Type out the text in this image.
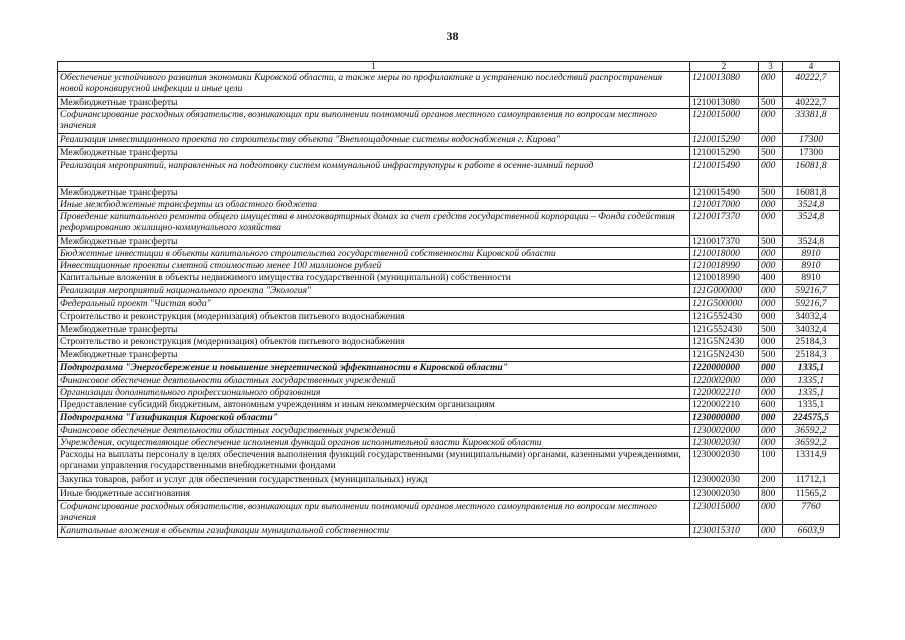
38
1	2	3	4
Обеспечение устойчивого развития экономики Кировской области, а также меры по профилактике и устранению последствий распространения новой коронавирусной инфекции и иные цели	1210013080	000	40222,7
Межбюджетные трансферты	1210013080	500	40222,7
Софинансирование расходных обязательств, возникающих при выполнении полномочий органов местного самоуправления по вопросам местного значения	1210015000	000	33381,8
Реализация инвестиционного проекта по строительству объекта "Внеплощадочные системы водоснабжения г. Кирова"	1210015290	000	17300
Межбюджетные трансферты	1210015290	500	17300
Реализация мероприятий, направленных на подготовку систем коммунальной инфраструктуры к работе в осенне-зимний период	1210015490	000	16081,8
Межбюджетные трансферты	1210015490	500	16081,8
Иные межбюджетные трансферты из областного бюджета	1210017000	000	3524,8
Проведение капитального ремонта общего имущества в многоквартирных домах за счет средств государственной корпорации – Фонда содействия реформированию жилищно-коммунального хозяйства	1210017370	000	3524,8
Межбюджетные трансферты	1210017370	500	3524,8
Бюджетные инвестиции в объекты капитального строительства государственной собственности Кировской области	1210018000	000	8910
Инвестиционные проекты сметной стоимостью менее 100 миллионов рублей	1210018990	000	8910
Капитальные вложения в объекты недвижимого имущества государственной (муниципальной) собственности	1210018990	400	8910
Реализация мероприятий национального проекта "Экология"	121G000000	000	59216,7
Федеральный проект "Чистая вода"	121G500000	000	59216,7
Строительство и реконструкция (модернизация) объектов питьевого водоснабжения	121G552430	000	34032,4
Межбюджетные трансферты	121G552430	500	34032,4
Строительство и реконструкция (модернизация) объектов питьевого водоснабжения	121G5N2430	000	25184,3
Межбюджетные трансферты	121G5N2430	500	25184,3
Подпрограмма "Энергосбережение и повышение энергетической эффективности в Кировской области"	1220000000	000	1335,1
Финансовое обеспечение деятельности областных государственных учреждений	1220002000	000	1335,1
Организации дополнительного профессионального образования	1220002210	000	1335,1
Предоставление субсидий бюджетным, автономным учреждениям и иным некоммерческим организациям	1220002210	600	1335,1
Подпрограмма "Газификация Кировской области"	1230000000	000	224575,5
Финансовое обеспечение деятельности областных государственных учреждений	1230002000	000	36592,2
Учреждения, осуществляющие обеспечение исполнения функций органов исполнительной власти Кировской области	1230002030	000	36592,2
Расходы на выплаты персоналу в целях обеспечения выполнения функций государственными (муниципальными) органами, казенными учреждениями, органами управления государственными внебюджетными фондами	1230002030	100	13314,9
Закупка товаров, работ и услуг для обеспечения государственных (муниципальных) нужд	1230002030	200	11712,1
Иные бюджетные ассигнования	1230002030	800	11565,2
Софинансирование расходных обязательств, возникающих при выполнении полномочий органов местного самоуправления по вопросам местного значения	1230015000	000	7760
Капитальные вложения в объекты газификации муниципальной собственности	1230015310	000	6603,9
